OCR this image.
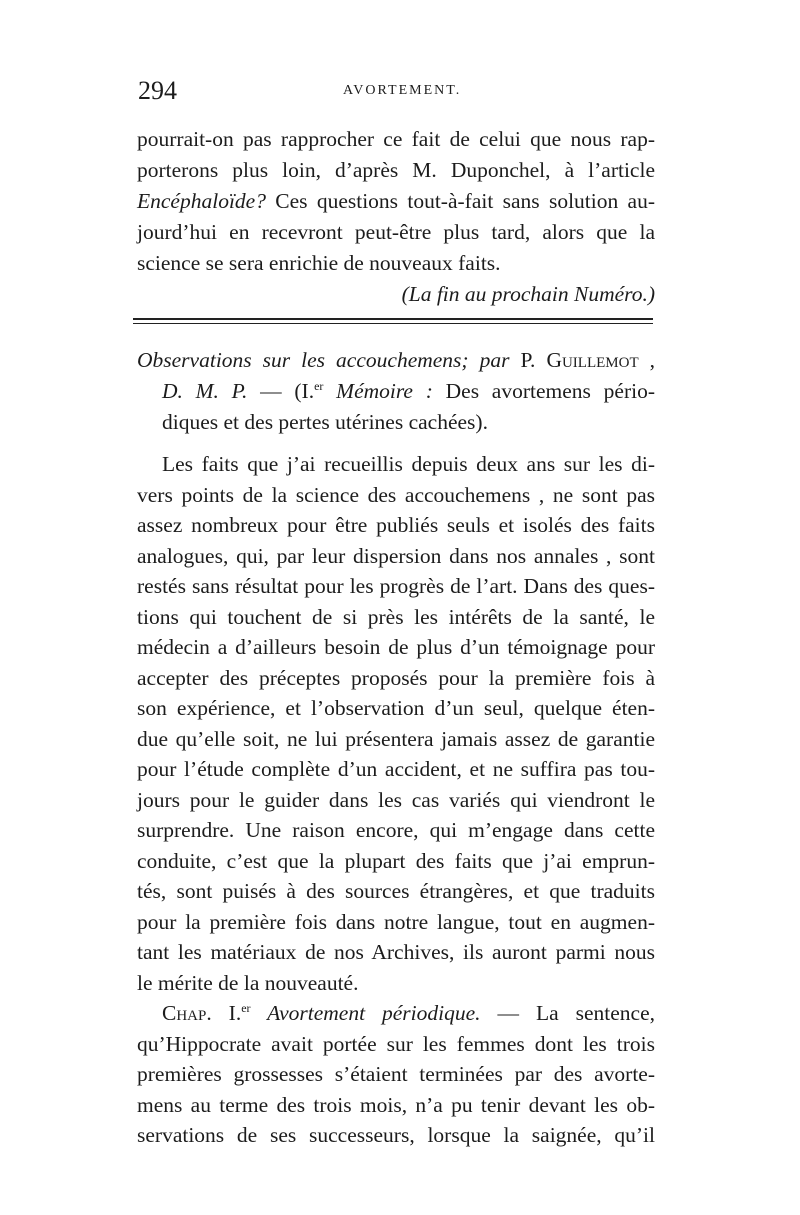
294	AVORTEMENT.
pourrait-on pas rapprocher ce fait de celui que nous rap-
porterons plus loin, d’après M. Duponchel, à l’article
Encéphaloïde? Ces questions tout-à-fait sans solution au-
jourd’hui en recevront peut-être plus tard, alors que la
science se sera enrichie de nouveaux faits.
(La fin au prochain Numéro.)
Observations sur les accouchemens; par P. Guillemot ,
D. M. P. — (I.$^{er}$ Mémoire : Des avortemens pério-
diques et des pertes utérines cachées).
Les faits que j’ai recueillis depuis deux ans sur les di-
vers points de la science des accouchemens , ne sont pas
assez nombreux pour être publiés seuls et isolés des faits
analogues, qui, par leur dispersion dans nos annales , sont
restés sans résultat pour les progrès de l’art. Dans des ques-
tions qui touchent de si près les intérêts de la santé, le
médecin a d’ailleurs besoin de plus d’un témoignage pour
accepter des préceptes proposés pour la première fois à
son expérience, et l’observation d’un seul, quelque éten-
due qu’elle soit, ne lui présentera jamais assez de garantie
pour l’étude complète d’un accident, et ne suffira pas tou-
jours pour le guider dans les cas variés qui viendront le
surprendre. Une raison encore, qui m’engage dans cette
conduite, c’est que la plupart des faits que j’ai emprun-
tés, sont puisés à des sources étrangères, et que traduits
pour la première fois dans notre langue, tout en augmen-
tant les matériaux de nos Archives, ils auront parmi nous
le mérite de la nouveauté.
Chap. I.$^{er}$ Avortement périodique. — La sentence,
qu’Hippocrate avait portée sur les femmes dont les trois
premières grossesses s’étaient terminées par des avorte-
mens au terme des trois mois, n’a pu tenir devant les ob-
servations de ses successeurs, lorsque la saignée, qu’il
